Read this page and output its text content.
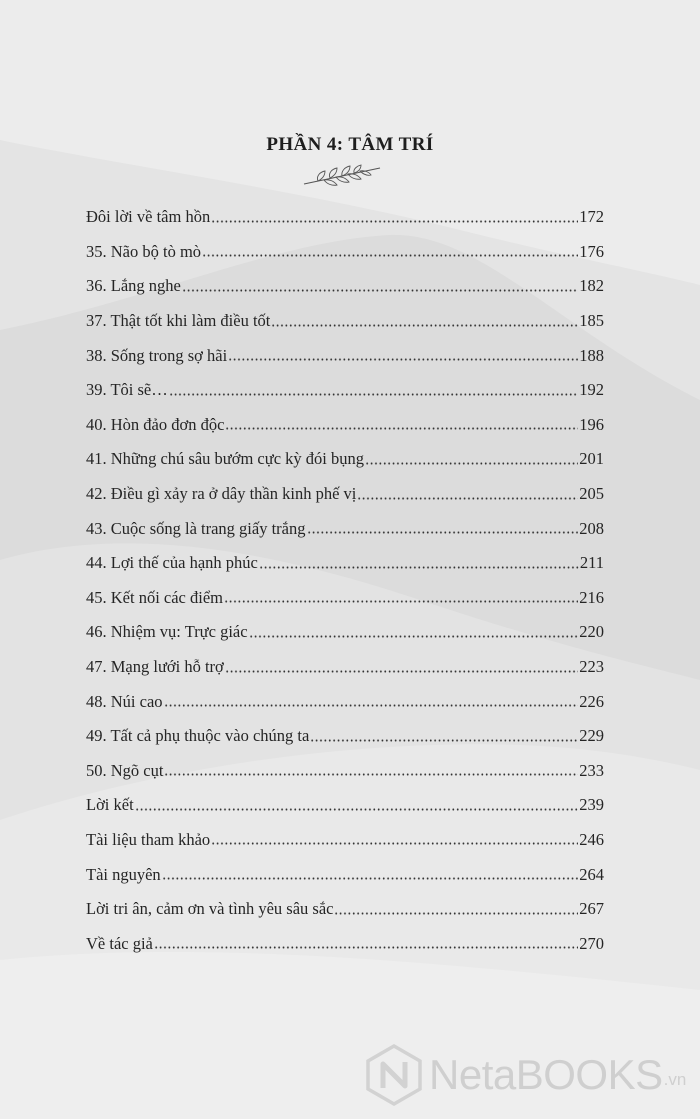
PHẦN 4: TÂM TRÍ
Đôi lời về tâm hồn	172
35. Não bộ tò mò	176
36. Lắng nghe	182
37. Thật tốt khi làm điều tốt	185
38. Sống trong sợ hãi	188
39. Tôi sẽ…	192
40. Hòn đảo đơn độc	196
41. Những chú sâu bướm cực kỳ đói bụng	201
42. Điều gì xảy ra ở dây thần kinh phế vị	205
43. Cuộc sống là trang giấy trắng	208
44. Lợi thế của hạnh phúc	211
45. Kết nối các điểm	216
46. Nhiệm vụ: Trực giác	220
47. Mạng lưới hỗ trợ	223
48. Núi cao	226
49. Tất cả phụ thuộc vào chúng ta	229
50. Ngõ cụt	233
Lời kết	239
Tài liệu tham khảo	246
Tài nguyên	264
Lời tri ân, cảm ơn và tình yêu sâu sắc	267
Về tác giả	270
NetaBOOKS .vn
